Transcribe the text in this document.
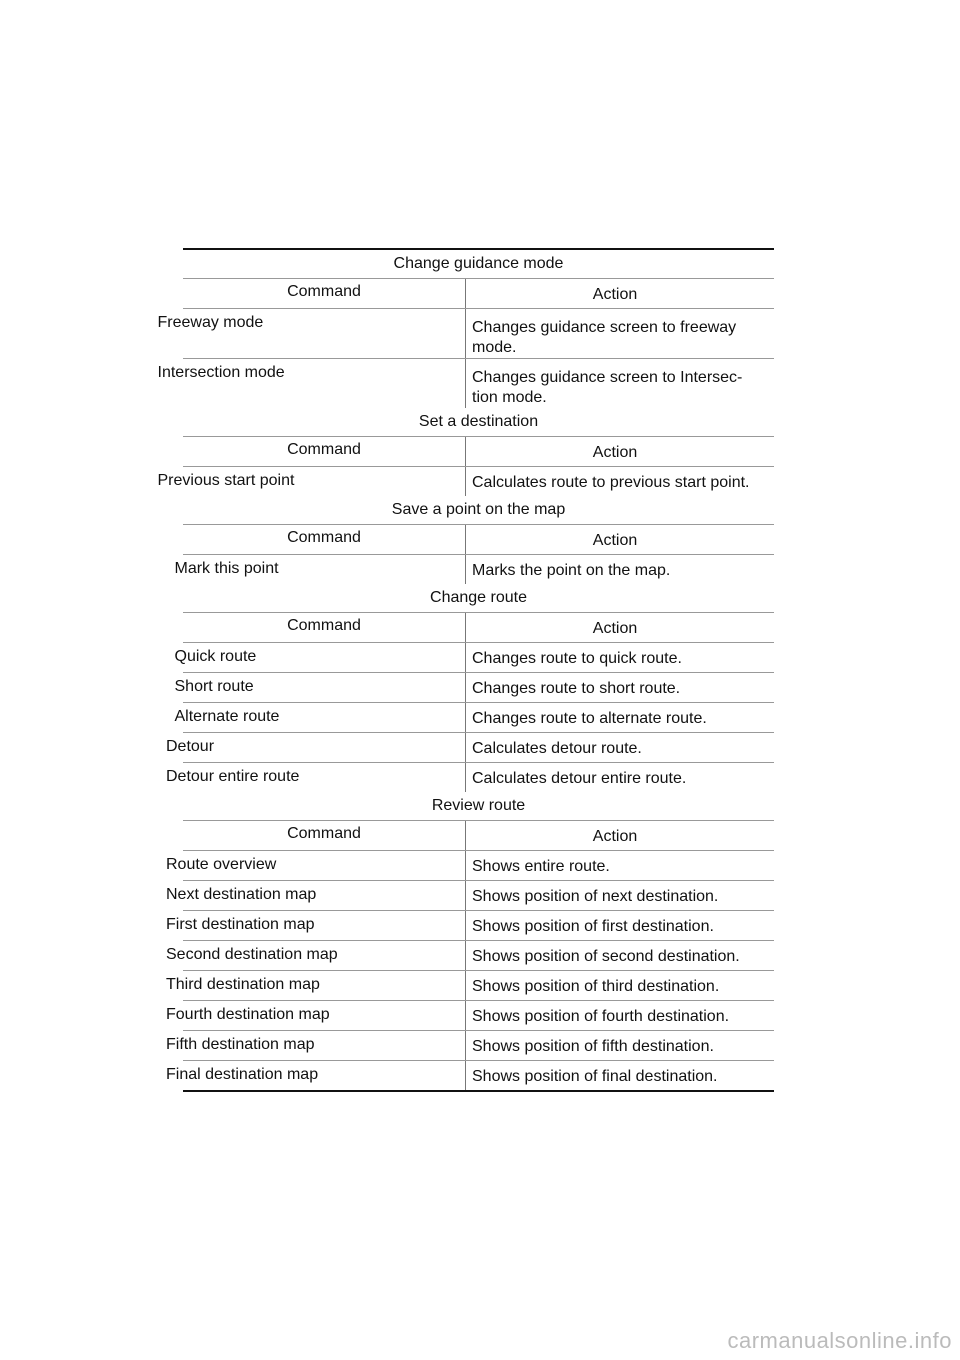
Change guidance mode
Command	Action
Freeway mode	Changes guidance screen to freeway mode.
Intersection mode	Changes guidance screen to Intersec-tion mode.
Set a destination
Command	Action
Previous start point	Calculates route to previous start point.
Save a point on the map
Command	Action
Mark this point	Marks the point on the map.
Change route
Command	Action
Quick route	Changes route to quick route.
Short route	Changes route to short route.
Alternate route	Changes route to alternate route.
Detour	Calculates detour route.
Detour entire route	Calculates detour entire route.
Review route
Command	Action
Route overview	Shows entire route.
Next destination map	Shows position of next destination.
First destination map	Shows position of first destination.
Second destination map	Shows position of second destination.
Third destination map	Shows position of third destination.
Fourth destination map	Shows position of fourth destination.
Fifth destination map	Shows position of fifth destination.
Final destination map	Shows position of final destination.
carmanualsonline.info
